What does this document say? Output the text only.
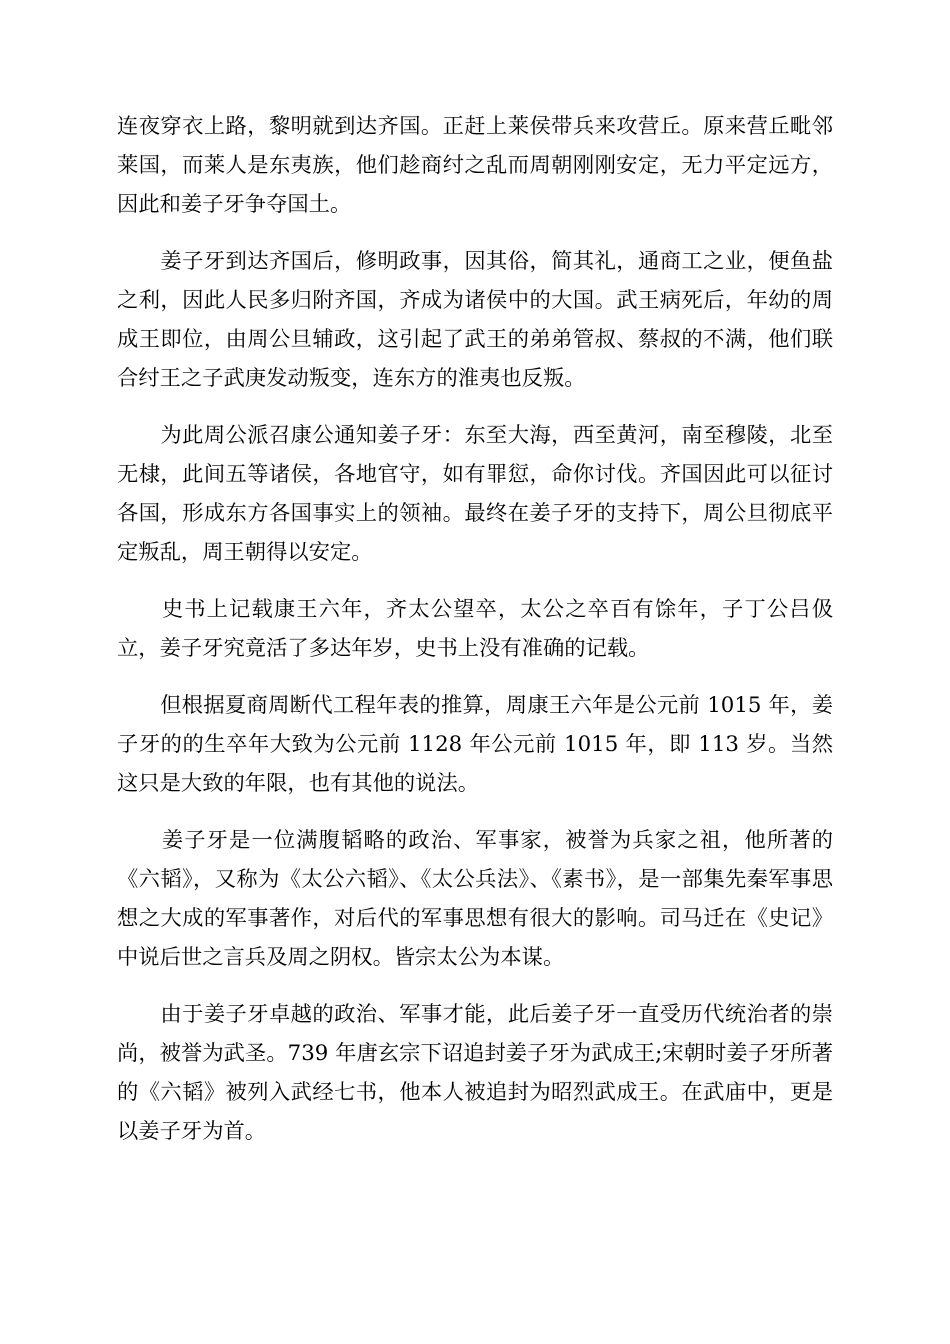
连夜穿衣上路，黎明就到达齐国。正赶上莱侯带兵来攻营丘。原来营丘毗邻莱国，而莱人是东夷族，他们趁商纣之乱而周朝刚刚安定，无力平定远方，因此和姜子牙争夺国土。

　　姜子牙到达齐国后，修明政事，因其俗，简其礼，通商工之业，便鱼盐之利，因此人民多归附齐国，齐成为诸侯中的大国。武王病死后，年幼的周成王即位，由周公旦辅政，这引起了武王的弟弟管叔、蔡叔的不满，他们联合纣王之子武庚发动叛变，连东方的淮夷也反叛。

　　为此周公派召康公通知姜子牙：东至大海，西至黄河，南至穆陵，北至无棣，此间五等诸侯，各地官守，如有罪愆，命你讨伐。齐国因此可以征讨各国，形成东方各国事实上的领袖。最终在姜子牙的支持下，周公旦彻底平定叛乱，周王朝得以安定。

　　史书上记载康王六年，齐太公望卒，太公之卒百有馀年，子丁公吕伋立，姜子牙究竟活了多达年岁，史书上没有准确的记载。

　　但根据夏商周断代工程年表的推算，周康王六年是公元前 1015 年，姜子牙的的生卒年大致为公元前 1128 年公元前 1015 年，即 113 岁。当然这只是大致的年限，也有其他的说法。

　　姜子牙是一位满腹韬略的政治、军事家，被誉为兵家之祖，他所著的《六韬》，又称为《太公六韬》、《太公兵法》、《素书》，是一部集先秦军事思想之大成的军事著作，对后代的军事思想有很大的影响。司马迁在《史记》中说后世之言兵及周之阴权。皆宗太公为本谋。

　　由于姜子牙卓越的政治、军事才能，此后姜子牙一直受历代统治者的崇尚，被誉为武圣。739 年唐玄宗下诏追封姜子牙为武成王;宋朝时姜子牙所著的《六韬》被列入武经七书，他本人被追封为昭烈武成王。在武庙中，更是以姜子牙为首。
